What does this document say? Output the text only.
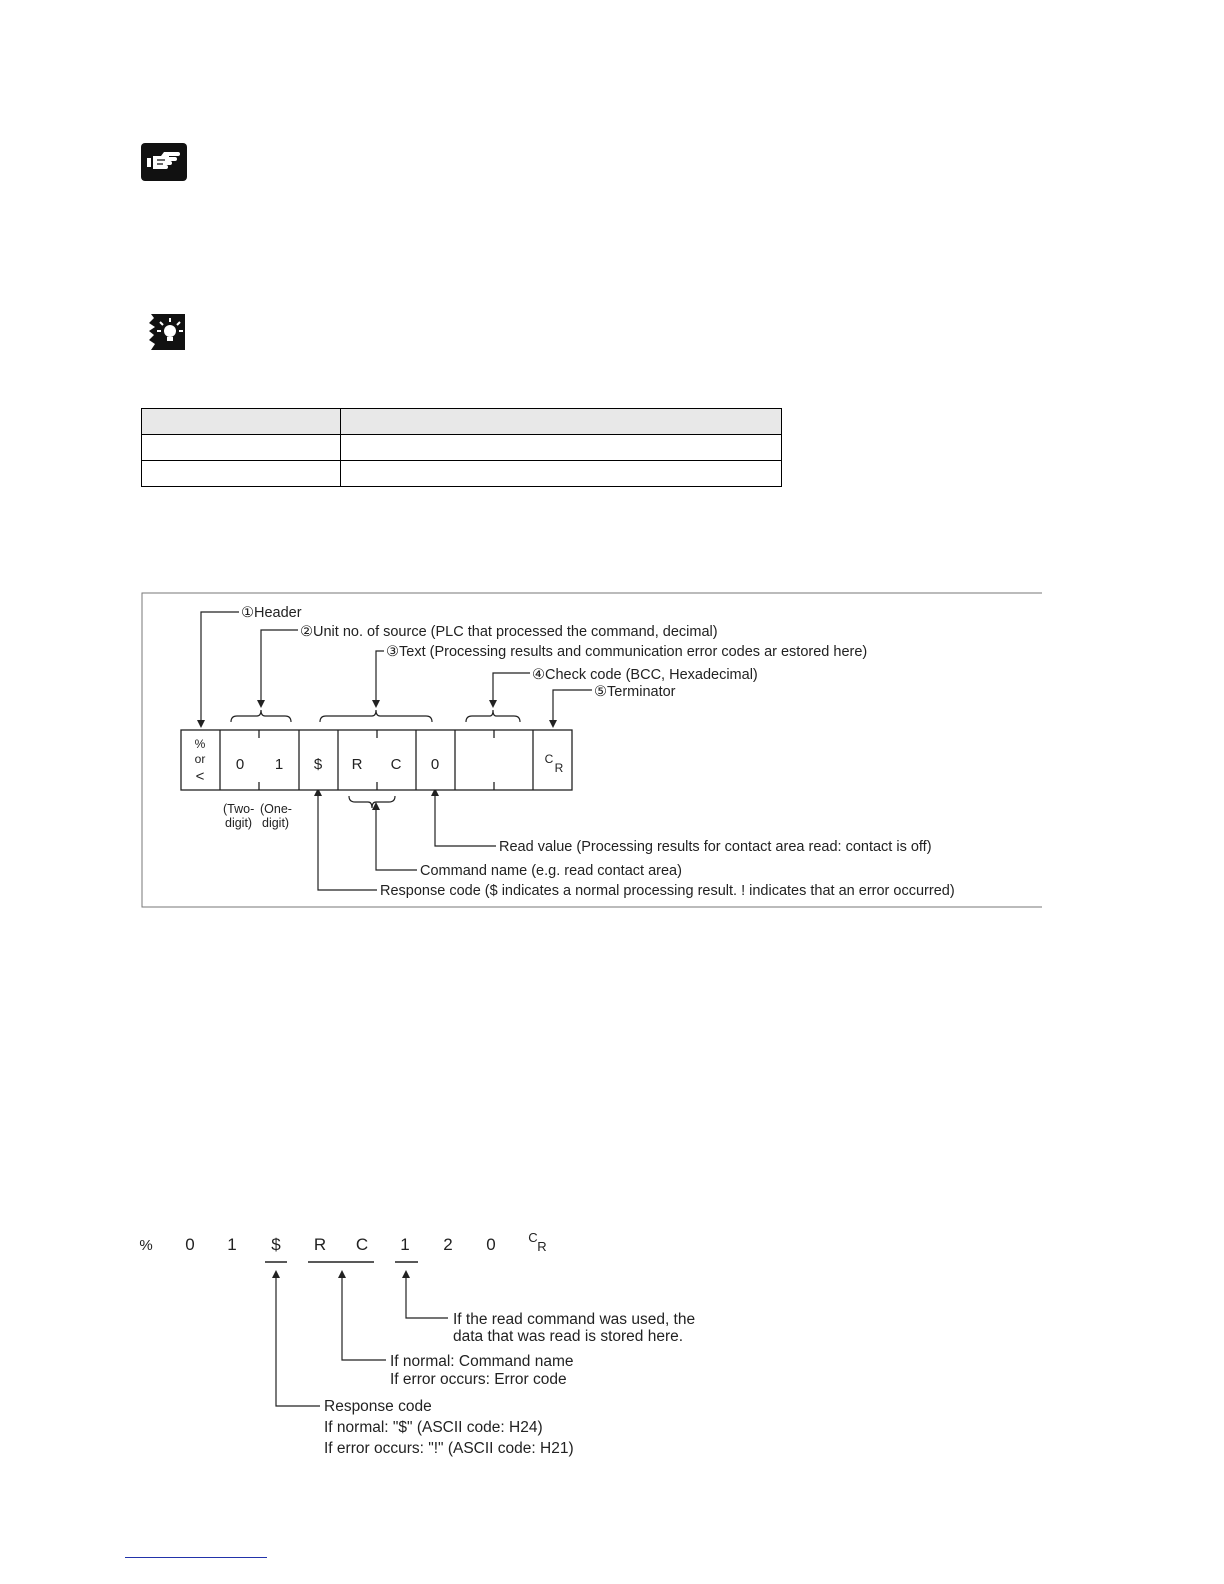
①Header
②Unit no. of source (PLC that processed the command, decimal)
③Text (Processing results and communication error codes ar estored here)
④Check code (BCC, Hexadecimal)
⑤Terminator
Read value (Processing results for contact area read: contact is off)
Command name (e.g. read contact area)
Response code ($ indicates a normal processing result. ! indicates that an error occurred)
%
or
<
0 1 $ R C 0	C
R
(Two-
digit)
(One-
digit)
% 0 1 $ R C 1 2 0	C
R
If the read command was used, the
data that was read is stored here.
If normal: Command name
If error occurs: Error code
Response code
If normal: "$" (ASCII code: H24)
If error occurs: "!" (ASCII code: H21)
